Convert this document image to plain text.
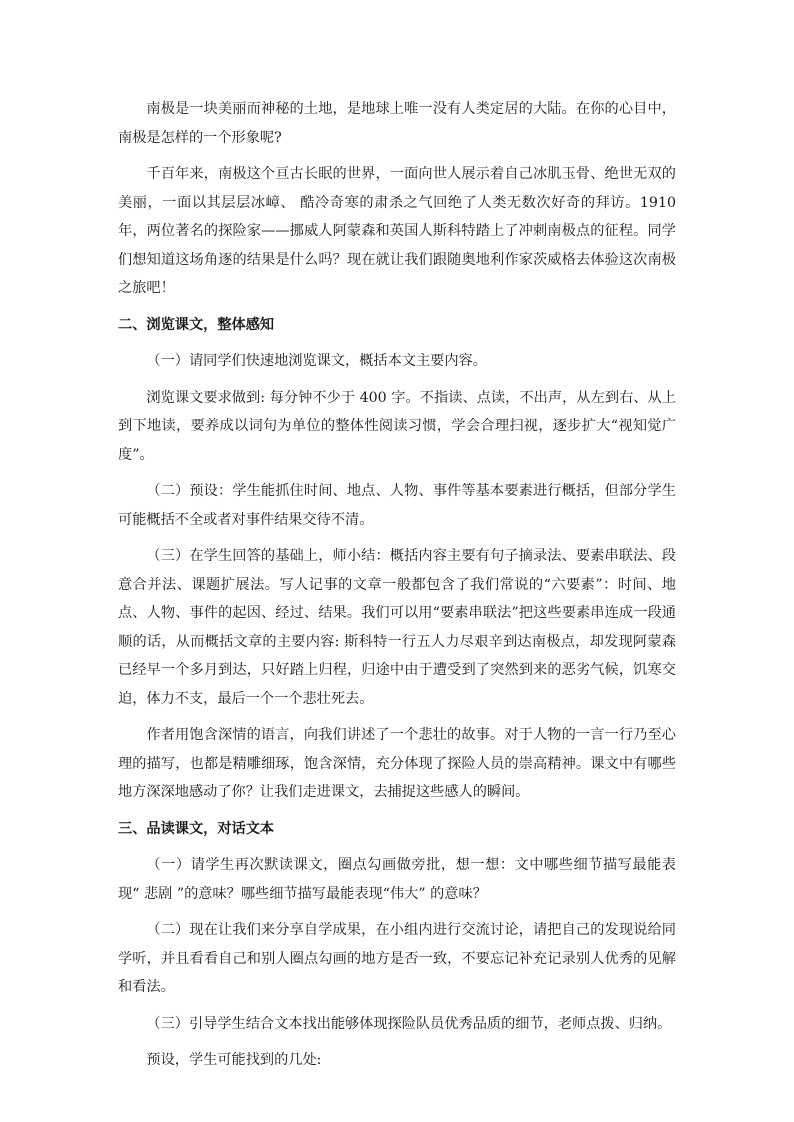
南极是一块美丽而神秘的土地，是地球上唯一没有人类定居的大陆。在你的心目中，南极是怎样的一个形象呢?

千百年来，南极这个亘古长眠的世界，一面向世人展示着自己冰肌玉骨、绝世无双的美丽，一面以其层层冰嶂、 酷冷奇寒的肃杀之气回绝了人类无数次好奇的拜访。1910 年，两位著名的探险家——挪威人阿蒙森和英国人斯科特踏上了冲刺南极点的征程。同学们想知道这场角逐的结果是什么吗？现在就让我们跟随奥地利作家茨威格去体验这次南极之旅吧！

二、浏览课文，整体感知

（一）请同学们快速地浏览课文，概括本文主要内容。

浏览课文要求做到: 每分钟不少于 400 字。不指读、点读，不出声，从左到右、从上到下地读，要养成以词句为单位的整体性阅读习惯，学会合理扫视，逐步扩大“视知觉广度”。

（二）预设：学生能抓住时间、地点、人物、事件等基本要素进行概括，但部分学生可能概括不全或者对事件结果交待不清。

（三）在学生回答的基础上，师小结：概括内容主要有句子摘录法、要素串联法、段意合并法、课题扩展法。写人记事的文章一般都包含了我们常说的“六要素”：时间、地点、人物、事件的起因、经过、结果。我们可以用“要素串联法”把这些要素串连成一段通顺的话，从而概括文章的主要内容: 斯科特一行五人力尽艰辛到达南极点，却发现阿蒙森已经早一个多月到达，只好踏上归程，归途中由于遭受到了突然到来的恶劣气候，饥寒交迫，体力不支，最后一个一个悲壮死去。

作者用饱含深情的语言，向我们讲述了一个悲壮的故事。对于人物的一言一行乃至心理的描写，也都是精雕细琢，饱含深情，充分体现了探险人员的崇高精神。课文中有哪些地方深深地感动了你？让我们走进课文，去捕捉这些感人的瞬间。

三、品读课文，对话文本

（一）请学生再次默读课文，圈点勾画做旁批，想一想：文中哪些细节描写最能表现“ 悲剧 ”的意味？哪些细节描写最能表现“伟大” 的意味？

（二）现在让我们来分享自学成果，在小组内进行交流讨论，请把自己的发现说给同学听，并且看看自己和别人圈点勾画的地方是否一致，不要忘记补充记录别人优秀的见解和看法。

（三）引导学生结合文本找出能够体现探险队员优秀品质的细节，老师点拨、归纳。

预设，学生可能找到的几处:
